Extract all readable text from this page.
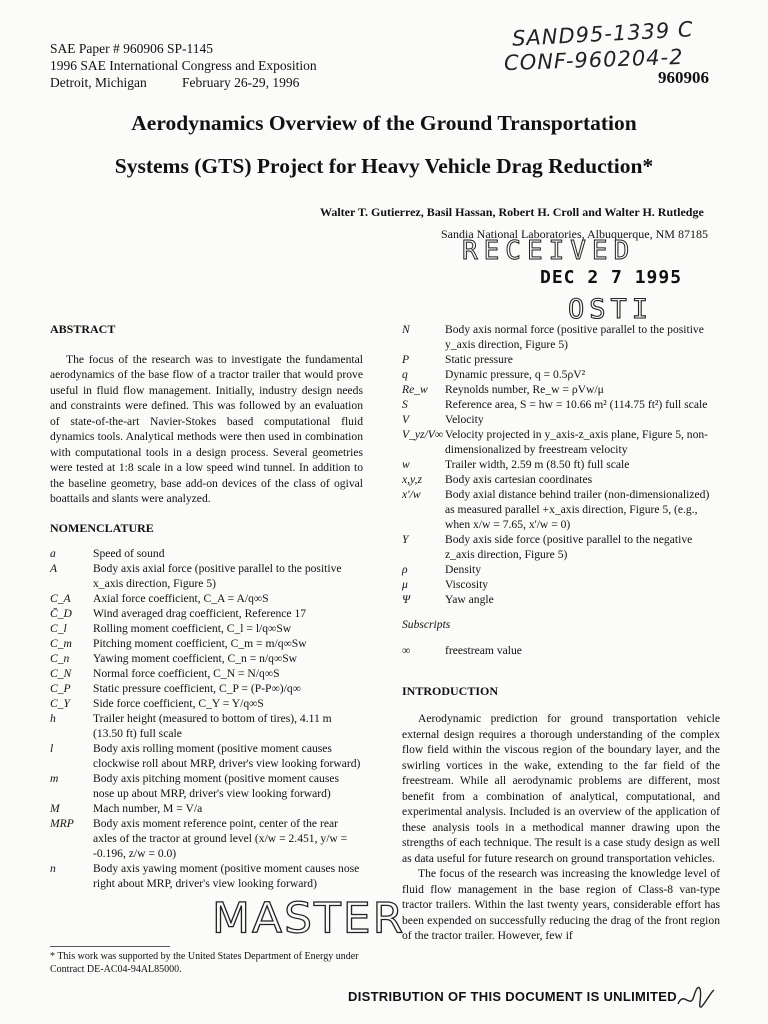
SAE Paper # 960906 SP-1145
1996 SAE International Congress and Exposition
Detroit, Michigan	February 26-29, 1996
SAND95-1339 C
CONF-960204-2
960906
Aerodynamics Overview of the Ground Transportation
Systems (GTS) Project for Heavy Vehicle Drag Reduction*
Walter T. Gutierrez, Basil Hassan, Robert H. Croll and Walter H. Rutledge
Sandia National Laboratories, Albuquerque, NM 87185
RECEIVED
DEC 2 7 1995
OSTI
ABSTRACT
The focus of the research was to investigate the fundamental aerodynamics of the base flow of a tractor trailer that would prove useful in fluid flow management. Initially, industry design needs and constraints were defined. This was followed by an evaluation of state-of-the-art Navier-Stokes based computational fluid dynamics tools. Analytical methods were then used in combination with computational tools in a design process. Several geometries were tested at 1:8 scale in a low speed wind tunnel. In addition to the baseline geometry, base add-on devices of the class of ogival boattails and slants were analyzed.
NOMENCLATURE
a	Speed of sound
A	Body axis axial force (positive parallel to the positive x_axis direction, Figure 5)
C_A	Axial force coefficient, C_A = A/q∞S
C̄_D	Wind averaged drag coefficient, Reference 17
C_l	Rolling moment coefficient, C_l = l/q∞Sw
C_m	Pitching moment coefficient, C_m = m/q∞Sw
C_n	Yawing moment coefficient, C_n = n/q∞Sw
C_N	Normal force coefficient, C_N = N/q∞S
C_P	Static pressure coefficient, C_P = (P-P∞)/q∞
C_Y	Side force coefficient, C_Y = Y/q∞S
h	Trailer height (measured to bottom of tires), 4.11 m (13.50 ft) full scale
l	Body axis rolling moment (positive moment causes clockwise roll about MRP, driver's view looking forward)
m	Body axis pitching moment (positive moment causes nose up about MRP, driver's view looking forward)
M	Mach number, M = V/a
MRP	Body axis moment reference point, center of the rear axles of the tractor at ground level (x/w = 2.451, y/w = -0.196, z/w = 0.0)
n	Body axis yawing moment (positive moment causes nose right about MRP, driver's view looking forward)
N	Body axis normal force (positive parallel to the positive y_axis direction, Figure 5)
P	Static pressure
q	Dynamic pressure, q = 0.5ρV²
Re_w	Reynolds number, Re_w = ρVw/μ
S	Reference area, S = hw = 10.66 m² (114.75 ft²) full scale
V	Velocity
V_yz/V∞ Velocity projected in y_axis-z_axis plane, Figure 5, non-dimensionalized by freestream velocity
w	Trailer width, 2.59 m (8.50 ft) full scale
x,y,z	Body axis cartesian coordinates
x'/w	Body axial distance behind trailer (non-dimensionalized) as measured parallel +x_axis direction, Figure 5, (e.g., when x/w = 7.65, x'/w = 0)
Y	Body axis side force (positive parallel to the negative z_axis direction, Figure 5)
ρ	Density
μ	Viscosity
Ψ	Yaw angle
Subscripts
∞	freestream value
INTRODUCTION
Aerodynamic prediction for ground transportation vehicle external design requires a thorough understanding of the complex flow field within the viscous region of the boundary layer, and the swirling vortices in the wake, extending to the far field of the freestream. While all aerodynamic problems are different, most benefit from a combination of analytical, computational, and experimental analysis. Included is an overview of the application of these analysis tools in a methodical manner drawing upon the strengths of each technique. The result is a case study design as well as data useful for future research on ground transportation vehicles.
The focus of the research was increasing the knowledge level of fluid flow management in the base region of Class-8 van-type tractor trailers. Within the last twenty years, considerable effort has been expended on successfully reducing the drag of the front region of the tractor trailer. However, few if
MASTER
* This work was supported by the United States Department of Energy under Contract DE-AC04-94AL85000.
DISTRIBUTION OF THIS DOCUMENT IS UNLIMITED
